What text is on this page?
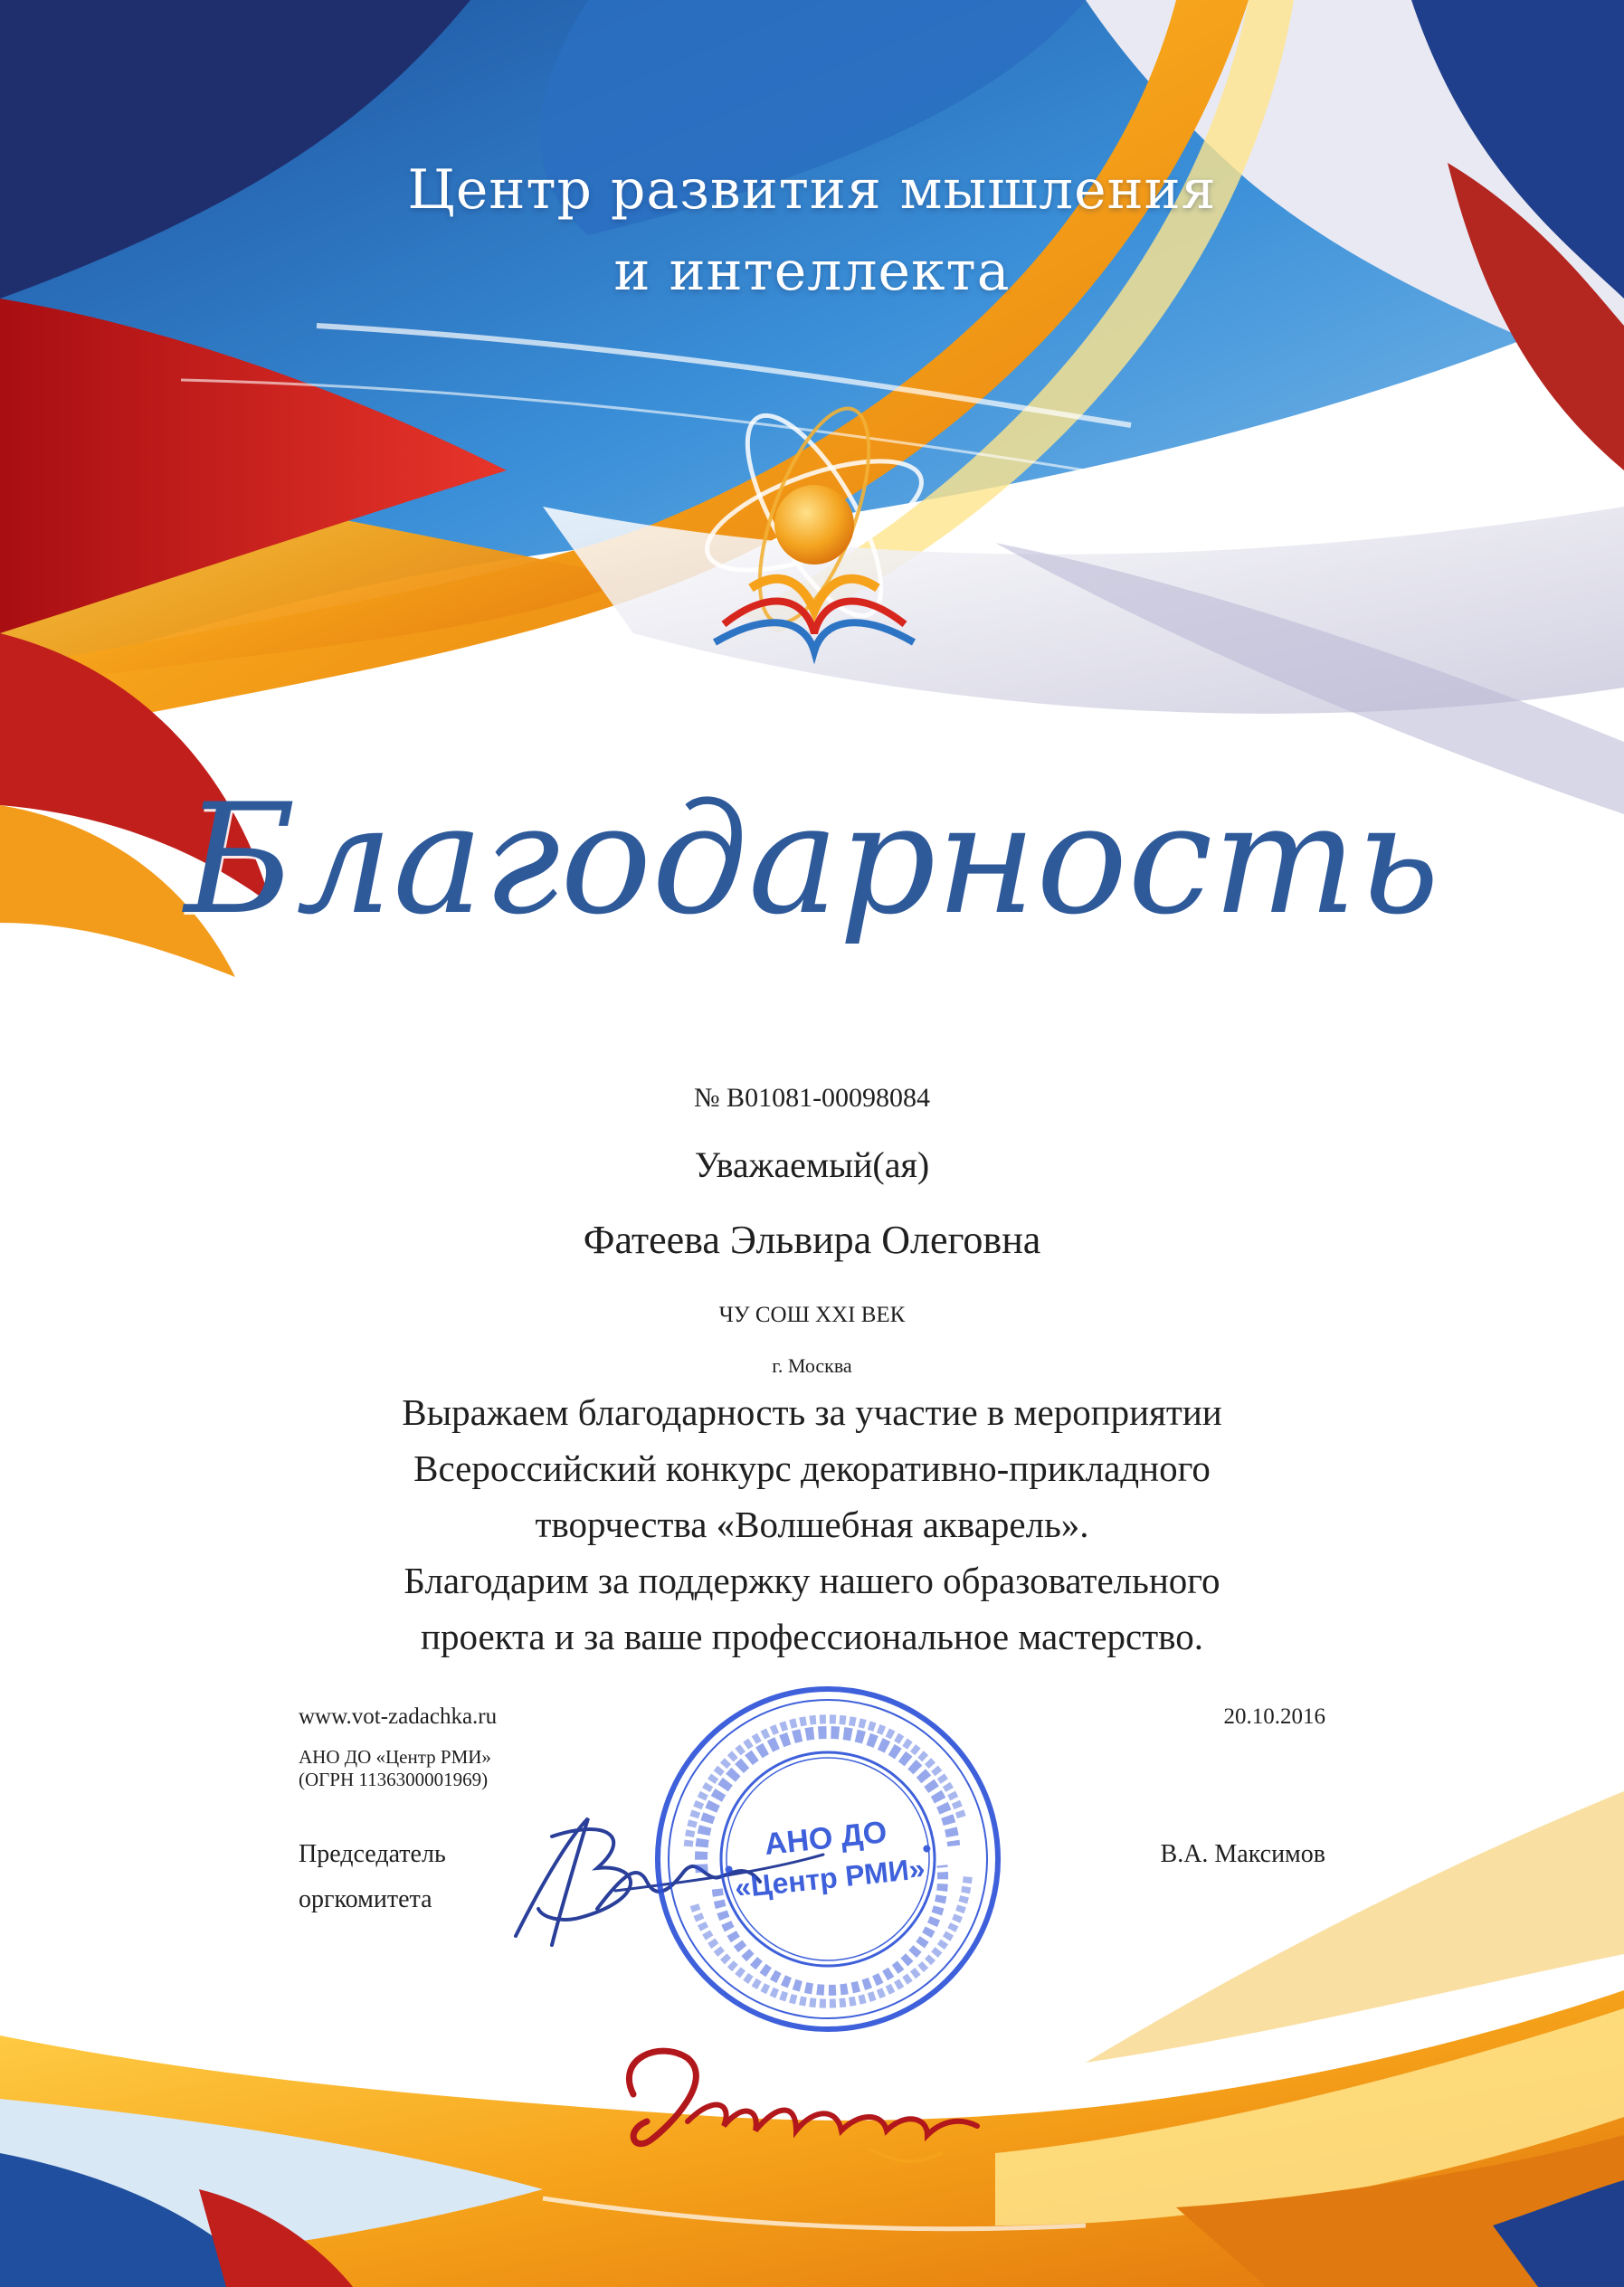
Центр развития мышления
и интеллекта
Благодарность
№ B01081-00098084
Уважаемый(ая)
Фатеева Эльвира Олеговна
ЧУ СОШ XXI ВЕК
г. Москва
Выражаем благодарность за участие в мероприятии
Всероссийский конкурс декоративно-прикладного
творчества «Волшебная акварель».
Благодарим за поддержку нашего образовательного
проекта и за ваше профессиональное мастерство.
www.vot-zadachka.ru	20.10.2016
АНО ДО «Центр РМИ»
(ОГРН 1136300001969)
Председатель
оргкомитета
В.А. Максимов
АНО ДО
«Центр РМИ»
